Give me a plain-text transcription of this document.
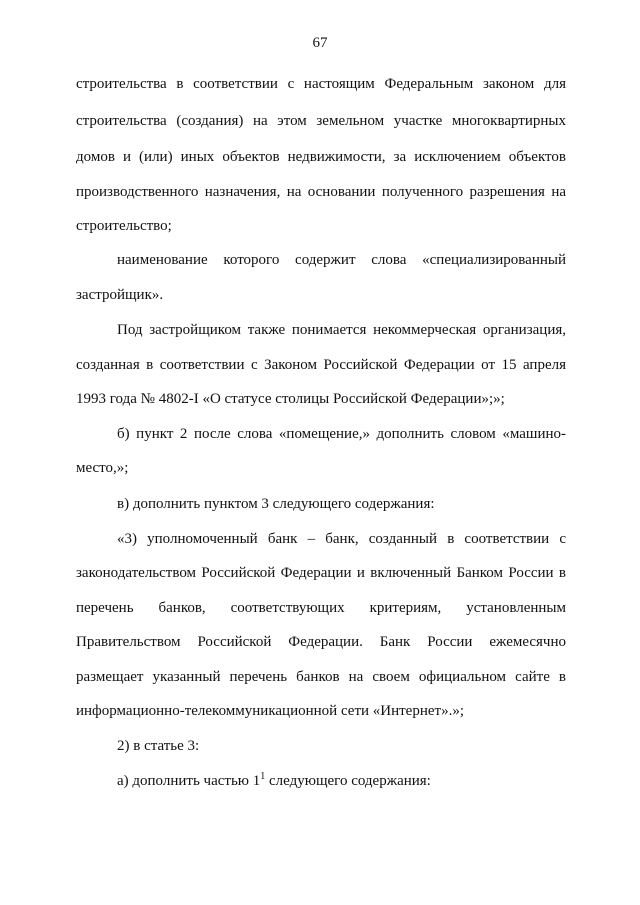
67
строительства в соответствии с настоящим Федеральным законом для
строительства (создания) на этом земельном участке многоквартирных
домов и (или) иных объектов недвижимости, за исключением объектов
производственного назначения, на основании полученного разрешения на
строительство;
наименование которого содержит слова «специализированный
застройщик».
Под застройщиком также понимается некоммерческая организация,
созданная в соответствии с Законом Российской Федерации от 15 апреля
1993 года № 4802-I «О статусе столицы Российской Федерации»;»;
б) пункт 2 после слова «помещение,» дополнить словом «машино-
место,»;
в) дополнить пунктом 3 следующего содержания:
«3) уполномоченный банк – банк, созданный в соответствии с
законодательством Российской Федерации и включенный Банком России в
перечень банков, соответствующих критериям, установленным
Правительством Российской Федерации. Банк России ежемесячно
размещает указанный перечень банков на своем официальном сайте в
информационно-телекоммуникационной сети «Интернет».»;
2) в статье 3:
а) дополнить частью $1^1$ следующего содержания:
